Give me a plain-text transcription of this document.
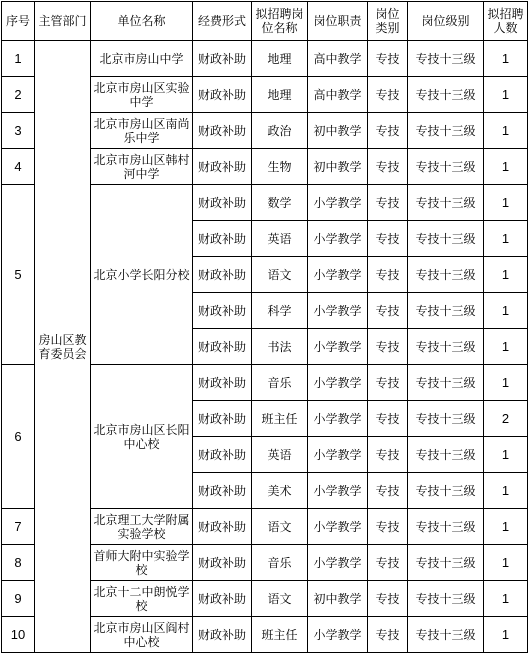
序号	主管部门	单位名称	经费形式	拟招聘岗位名称	岗位职责	岗位类别	岗位级别	拟招聘人数
1	房山区教育委员会	北京市房山中学	财政补助	地理	高中教学	专技	专技十三级	1
2		北京市房山区实验中学	财政补助	地理	高中教学	专技	专技十三级	1
3		北京市房山区南尚乐中学	财政补助	政治	初中教学	专技	专技十三级	1
4		北京市房山区韩村河中学	财政补助	生物	初中教学	专技	专技十三级	1
5		北京小学长阳分校	财政补助	数学	小学教学	专技	专技十三级	1
			财政补助	英语	小学教学	专技	专技十三级	1
			财政补助	语文	小学教学	专技	专技十三级	1
			财政补助	科学	小学教学	专技	专技十三级	1
			财政补助	书法	小学教学	专技	专技十三级	1
6		北京市房山区长阳中心校	财政补助	音乐	小学教学	专技	专技十三级	1
			财政补助	班主任	小学教学	专技	专技十三级	2
			财政补助	英语	小学教学	专技	专技十三级	1
			财政补助	美术	小学教学	专技	专技十三级	1
7		北京理工大学附属实验学校	财政补助	语文	小学教学	专技	专技十三级	1
8		首师大附中实验学校	财政补助	音乐	小学教学	专技	专技十三级	1
9		北京十二中朗悦学校	财政补助	语文	初中教学	专技	专技十三级	1
10		北京市房山区阎村中心校	财政补助	班主任	小学教学	专技	专技十三级	1
